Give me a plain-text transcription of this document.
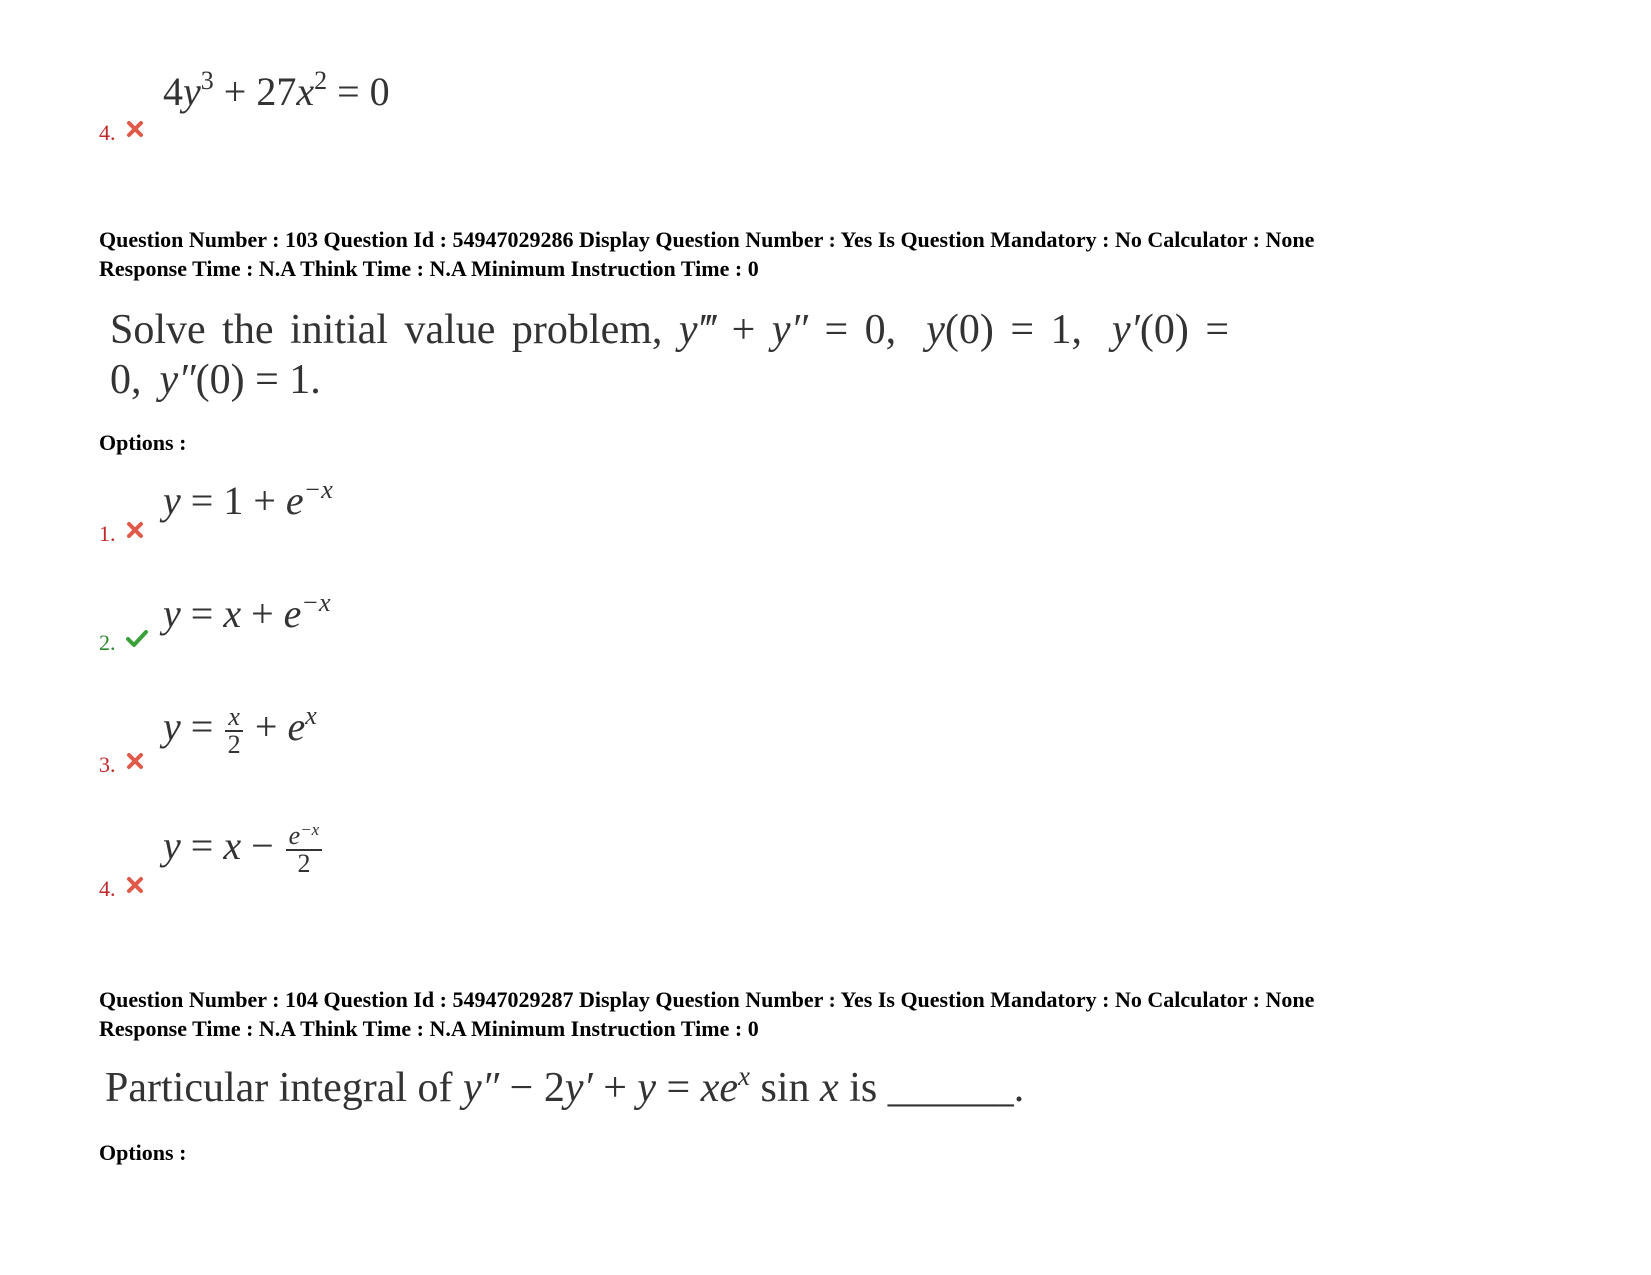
$4y^3 + 27x^2 = 0$
4.
Question Number : 103 Question Id : 54947029286 Display Question Number : Yes Is Question Mandatory : No Calculator : None
Response Time : N.A Think Time : N.A Minimum Instruction Time : 0
Solve the initial value problem, y‴ + y″ = 0, y(0) = 1, y′(0) =
0, y″(0) = 1.
Options :
$y = 1 + e^{-x}$
1.
$y = x + e^{-x}$
2.
$y = \frac{x}{2} + e^x$
3.
$y = x - \frac{e^{-x}}{2}$
4.
Question Number : 104 Question Id : 54947029287 Display Question Number : Yes Is Question Mandatory : No Calculator : None
Response Time : N.A Think Time : N.A Minimum Instruction Time : 0
Particular integral of $y'' - 2y' + y = xe^x$ sin x is ______.
Options :
